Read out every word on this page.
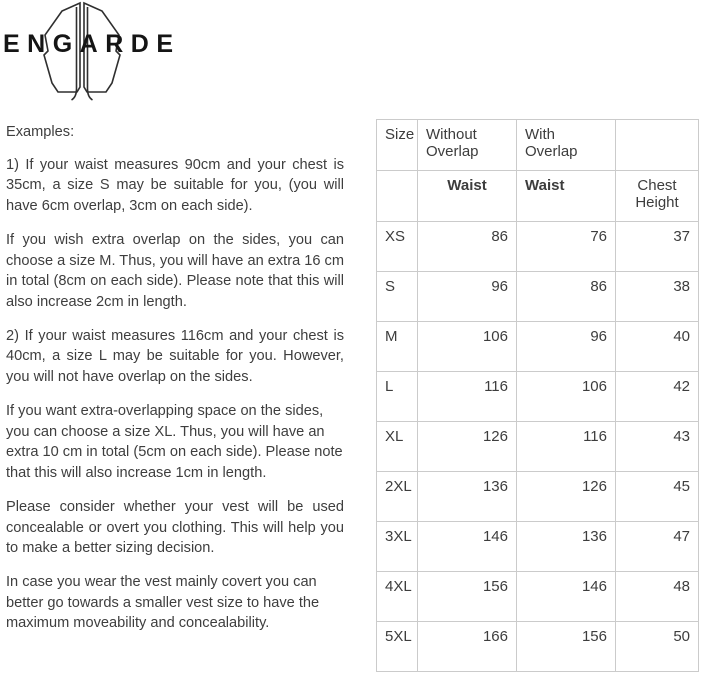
ENGARDE

Examples:

1) If your waist measures 90cm and your chest is 35cm, a size S may be suitable for you, (you will have 6cm overlap, 3cm on each side).

If you wish extra overlap on the sides, you can choose a size M. Thus, you will have an extra 16 cm in total (8cm on each side). Please note that this will also increase 2cm in length.

2) If your waist measures 116cm and your chest is 40cm, a size L may be suitable for you. However, you will not have overlap on the sides.

If you want extra-overlapping space on the sides, you can choose a size XL. Thus, you will have an extra 10 cm in total (5cm on each side). Please note that this will also increase 1cm in length.

Please consider whether your vest will be used concealable or overt you clothing. This will help you to make a better sizing decision.

In case you wear the vest mainly covert you can better go towards a smaller vest size to have the maximum moveability and concealability.

Size	Without Overlap	With Overlap	
	Waist	Waist	Chest Height
XS	86	76	37
S	96	86	38
M	106	96	40
L	116	106	42
XL	126	116	43
2XL	136	126	45
3XL	146	136	47
4XL	156	146	48
5XL	166	156	50
